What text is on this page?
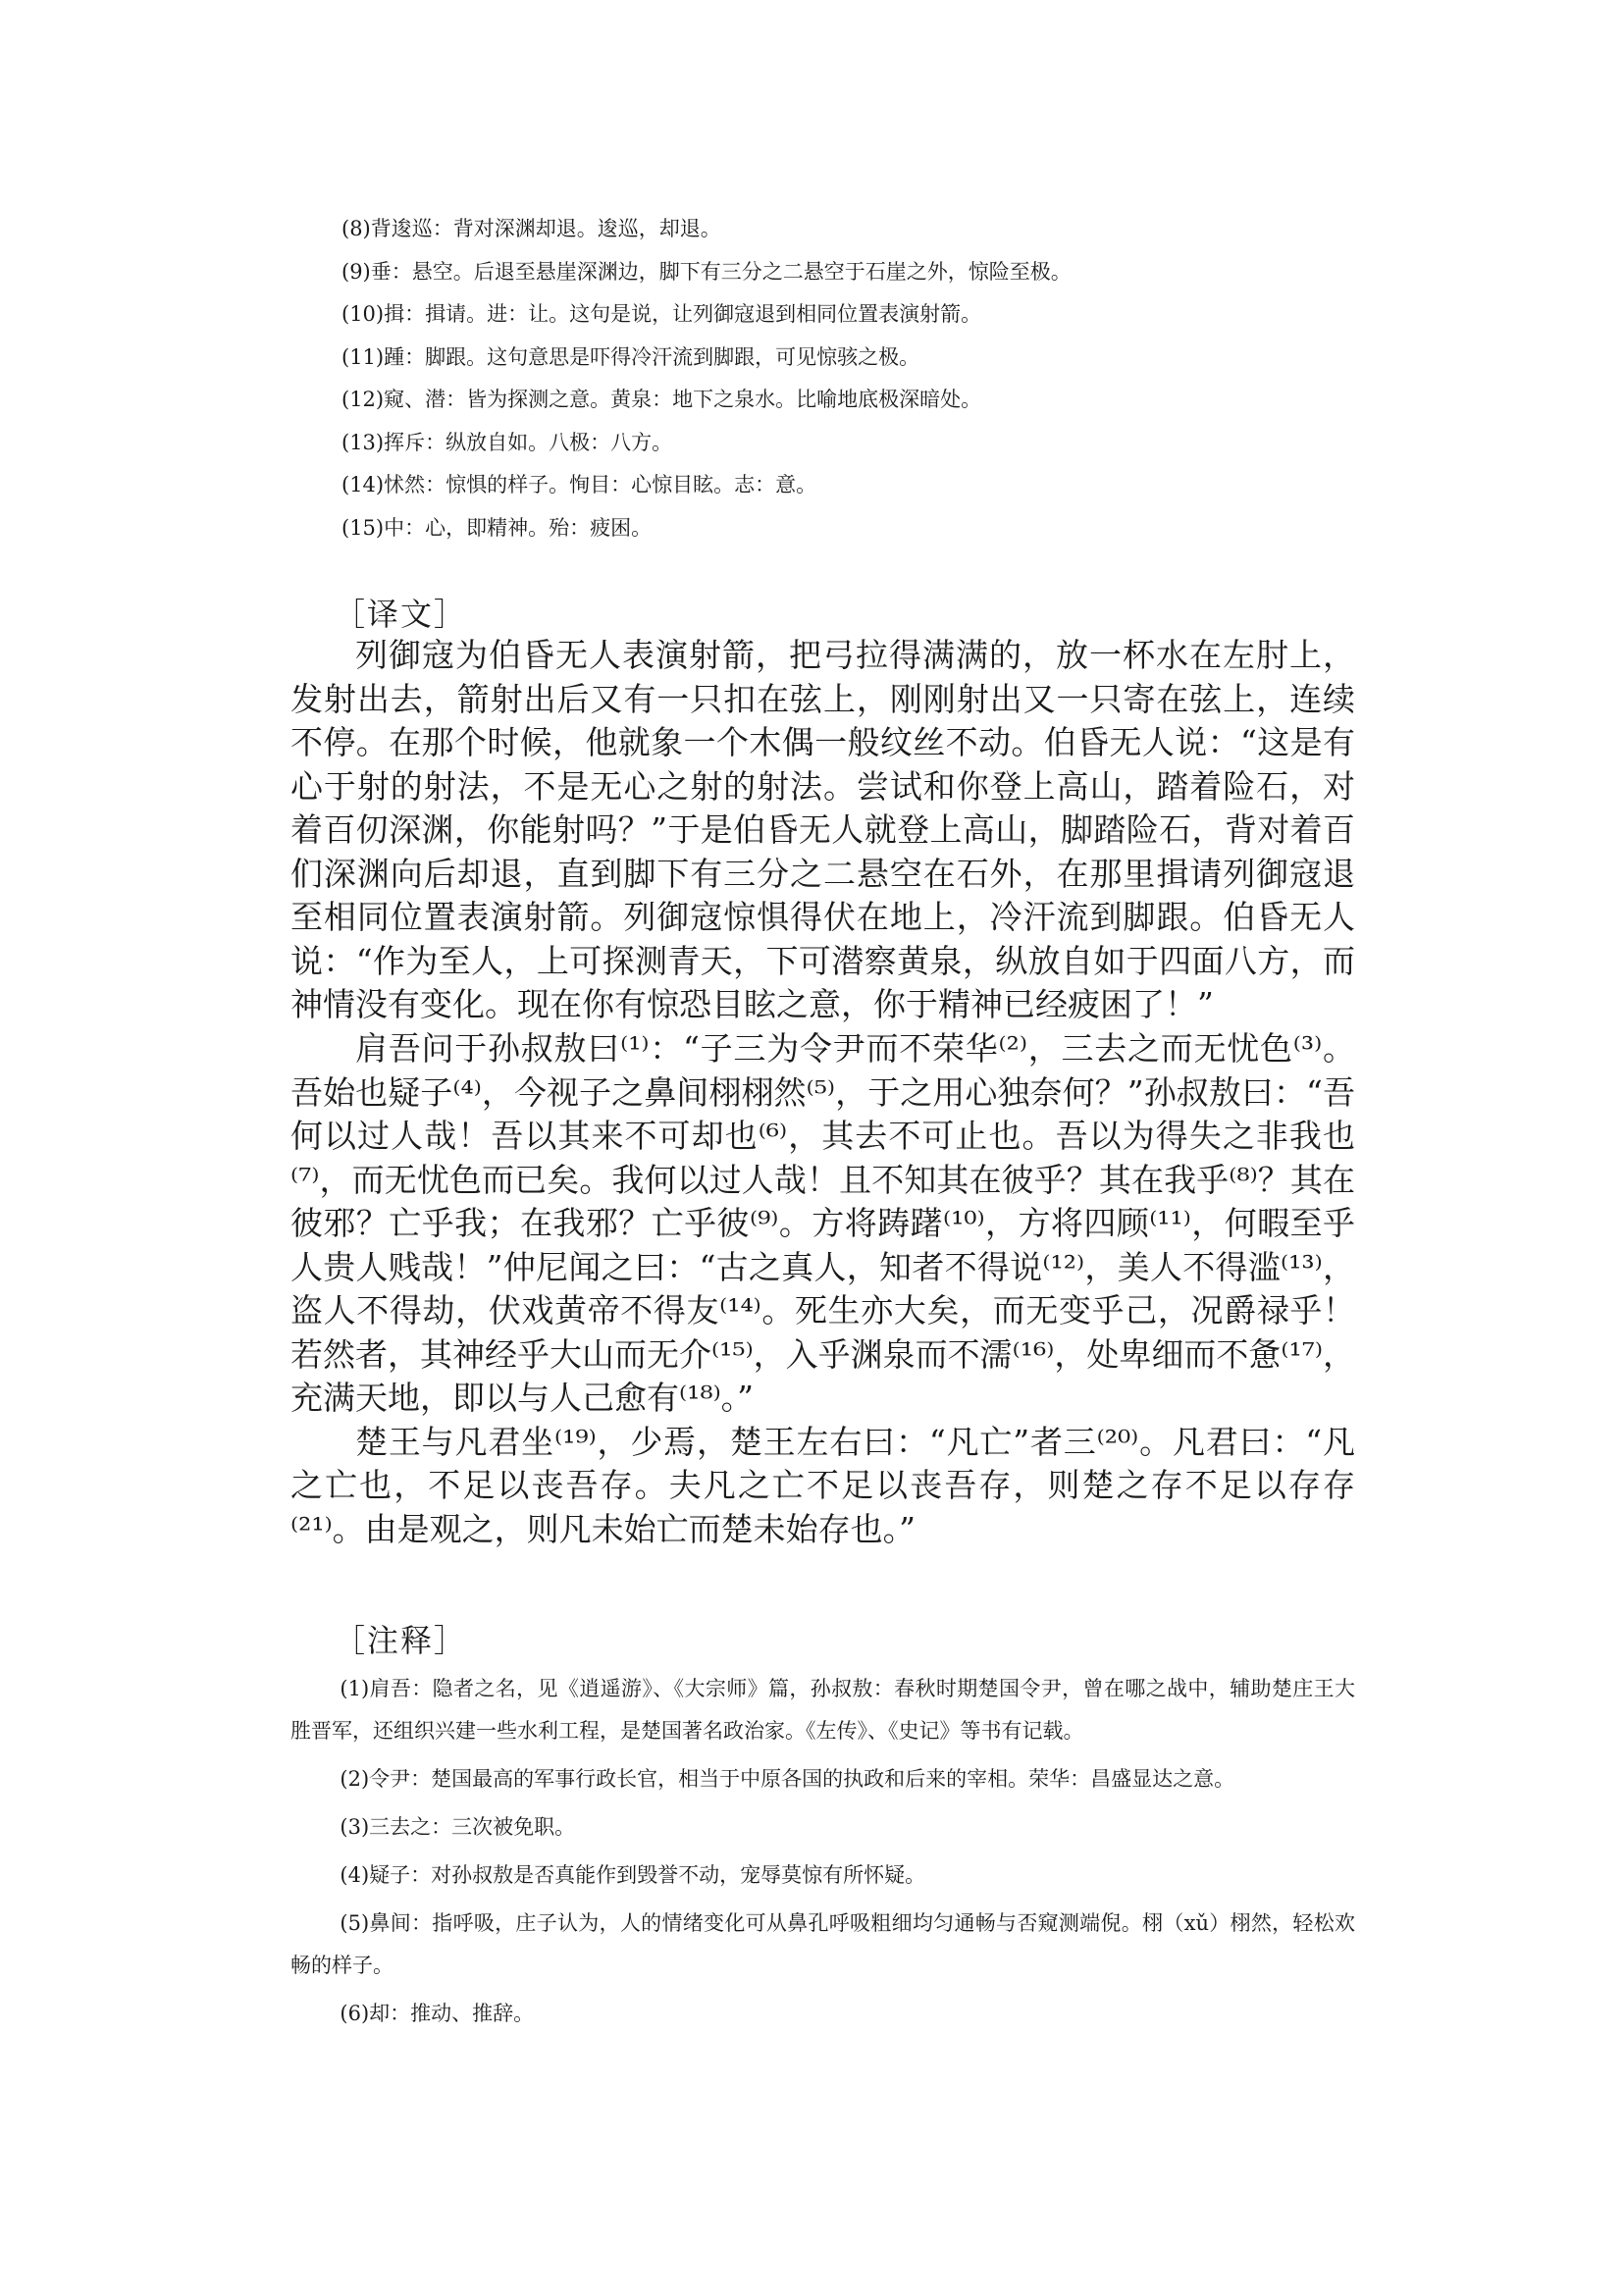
(8)背逡巡：背对深渊却退。逡巡，却退。
(9)垂：悬空。后退至悬崖深渊边，脚下有三分之二悬空于石崖之外，惊险至极。
(10)揖：揖请。进：让。这句是说，让列御寇退到相同位置表演射箭。
(11)踵：脚跟。这句意思是吓得冷汗流到脚跟，可见惊骇之极。
(12)窥、潜：皆为探测之意。黄泉：地下之泉水。比喻地底极深暗处。
(13)挥斥：纵放自如。八极：八方。
(14)怵然：惊惧的样子。恂目：心惊目眩。志：意。
(15)中：心，即精神。殆：疲困。
［译文］

列御寇为伯昏无人表演射箭，把弓拉得满满的，放一杯水在左肘上，发射出去，箭射出后又有一只扣在弦上，刚刚射出又一只寄在弦上，连续不停。在那个时候，他就象一个木偶一般纹丝不动。伯昏无人说：“这是有心于射的射法，不是无心之射的射法。尝试和你登上高山，踏着险石，对着百仞深渊，你能射吗？”于是伯昏无人就登上高山，脚踏险石，背对着百们深渊向后却退，直到脚下有三分之二悬空在石外，在那里揖请列御寇退至相同位置表演射箭。列御寇惊惧得伏在地上，冷汗流到脚跟。伯昏无人说：“作为至人，上可探测青天，下可潜察黄泉，纵放自如于四面八方，而神情没有变化。现在你有惊恐目眩之意，你于精神已经疲困了！”

肩吾问于孙叔敖曰⁽¹⁾：“子三为令尹而不荣华⁽²⁾，三去之而无忧色⁽³⁾。吾始也疑子⁽⁴⁾，今视子之鼻间栩栩然⁽⁵⁾，于之用心独奈何？”孙叔敖曰：“吾何以过人哉！吾以其来不可却也⁽⁶⁾，其去不可止也。吾以为得失之非我也⁽⁷⁾，而无忧色而已矣。我何以过人哉！且不知其在彼乎？其在我乎⁽⁸⁾？其在彼邪？亡乎我；在我邪？亡乎彼⁽⁹⁾。方将踌躇⁽¹⁰⁾，方将四顾⁽¹¹⁾，何暇至乎人贵人贱哉！”仲尼闻之曰：“古之真人，知者不得说⁽¹²⁾，美人不得滥⁽¹³⁾，盗人不得劫，伏戏黄帝不得友⁽¹⁴⁾。死生亦大矣，而无变乎己，况爵禄乎！若然者，其神经乎大山而无介⁽¹⁵⁾，入乎渊泉而不濡⁽¹⁶⁾，处卑细而不惫⁽¹⁷⁾，充满天地，即以与人己愈有⁽¹⁸⁾。”

楚王与凡君坐⁽¹⁹⁾，少焉，楚王左右曰：“凡亡”者三⁽²⁰⁾。凡君曰：“凡之亡也，不足以丧吾存。夫凡之亡不足以丧吾存，则楚之存不足以存存⁽²¹⁾。由是观之，则凡未始亡而楚未始存也。”

［注释］

(1)肩吾：隐者之名，见《逍遥游》、《大宗师》篇，孙叔敖：春秋时期楚国令尹，曾在哪之战中，辅助楚庄王大胜晋军，还组织兴建一些水利工程，是楚国著名政治家。《左传》、《史记》等书有记载。

(2)令尹：楚国最高的军事行政长官，相当于中原各国的执政和后来的宰相。荣华：昌盛显达之意。

(3)三去之：三次被免职。

(4)疑子：对孙叔敖是否真能作到毁誉不动，宠辱莫惊有所怀疑。

(5)鼻间：指呼吸，庄子认为，人的情绪变化可从鼻孔呼吸粗细均匀通畅与否窥测端倪。栩（xǔ）栩然，轻松欢畅的样子。

(6)却：推动、推辞。
